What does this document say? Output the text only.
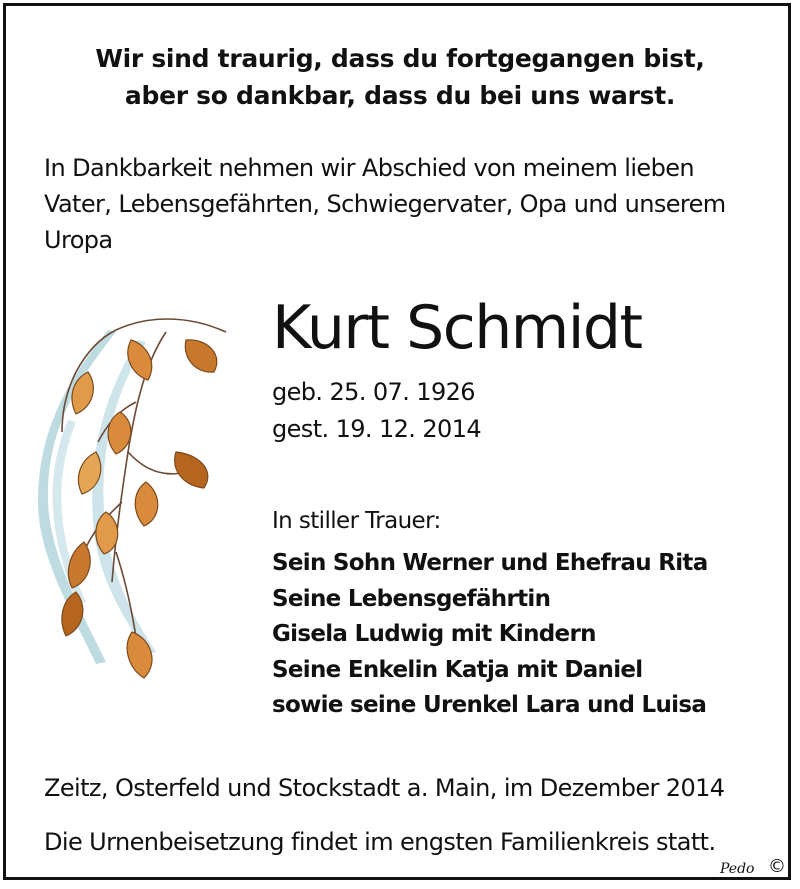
Wir sind traurig, dass du fortgegangen bist,
aber so dankbar, dass du bei uns warst.
In Dankbarkeit nehmen wir Abschied von meinem lieben
Vater, Lebensgefährten, Schwiegervater, Opa und unserem
Uropa
Kurt Schmidt
geb. 25. 07. 1926
gest. 19. 12. 2014
In stiller Trauer:
Sein Sohn Werner und Ehefrau Rita
Seine Lebensgefährtin
Gisela Ludwig mit Kindern
Seine Enkelin Katja mit Daniel
sowie seine Urenkel Lara und Luisa
Zeitz, Osterfeld und Stockstadt a. Main, im Dezember 2014
Die Urnenbeisetzung findet im engsten Familienkreis statt.
Pedo ©
